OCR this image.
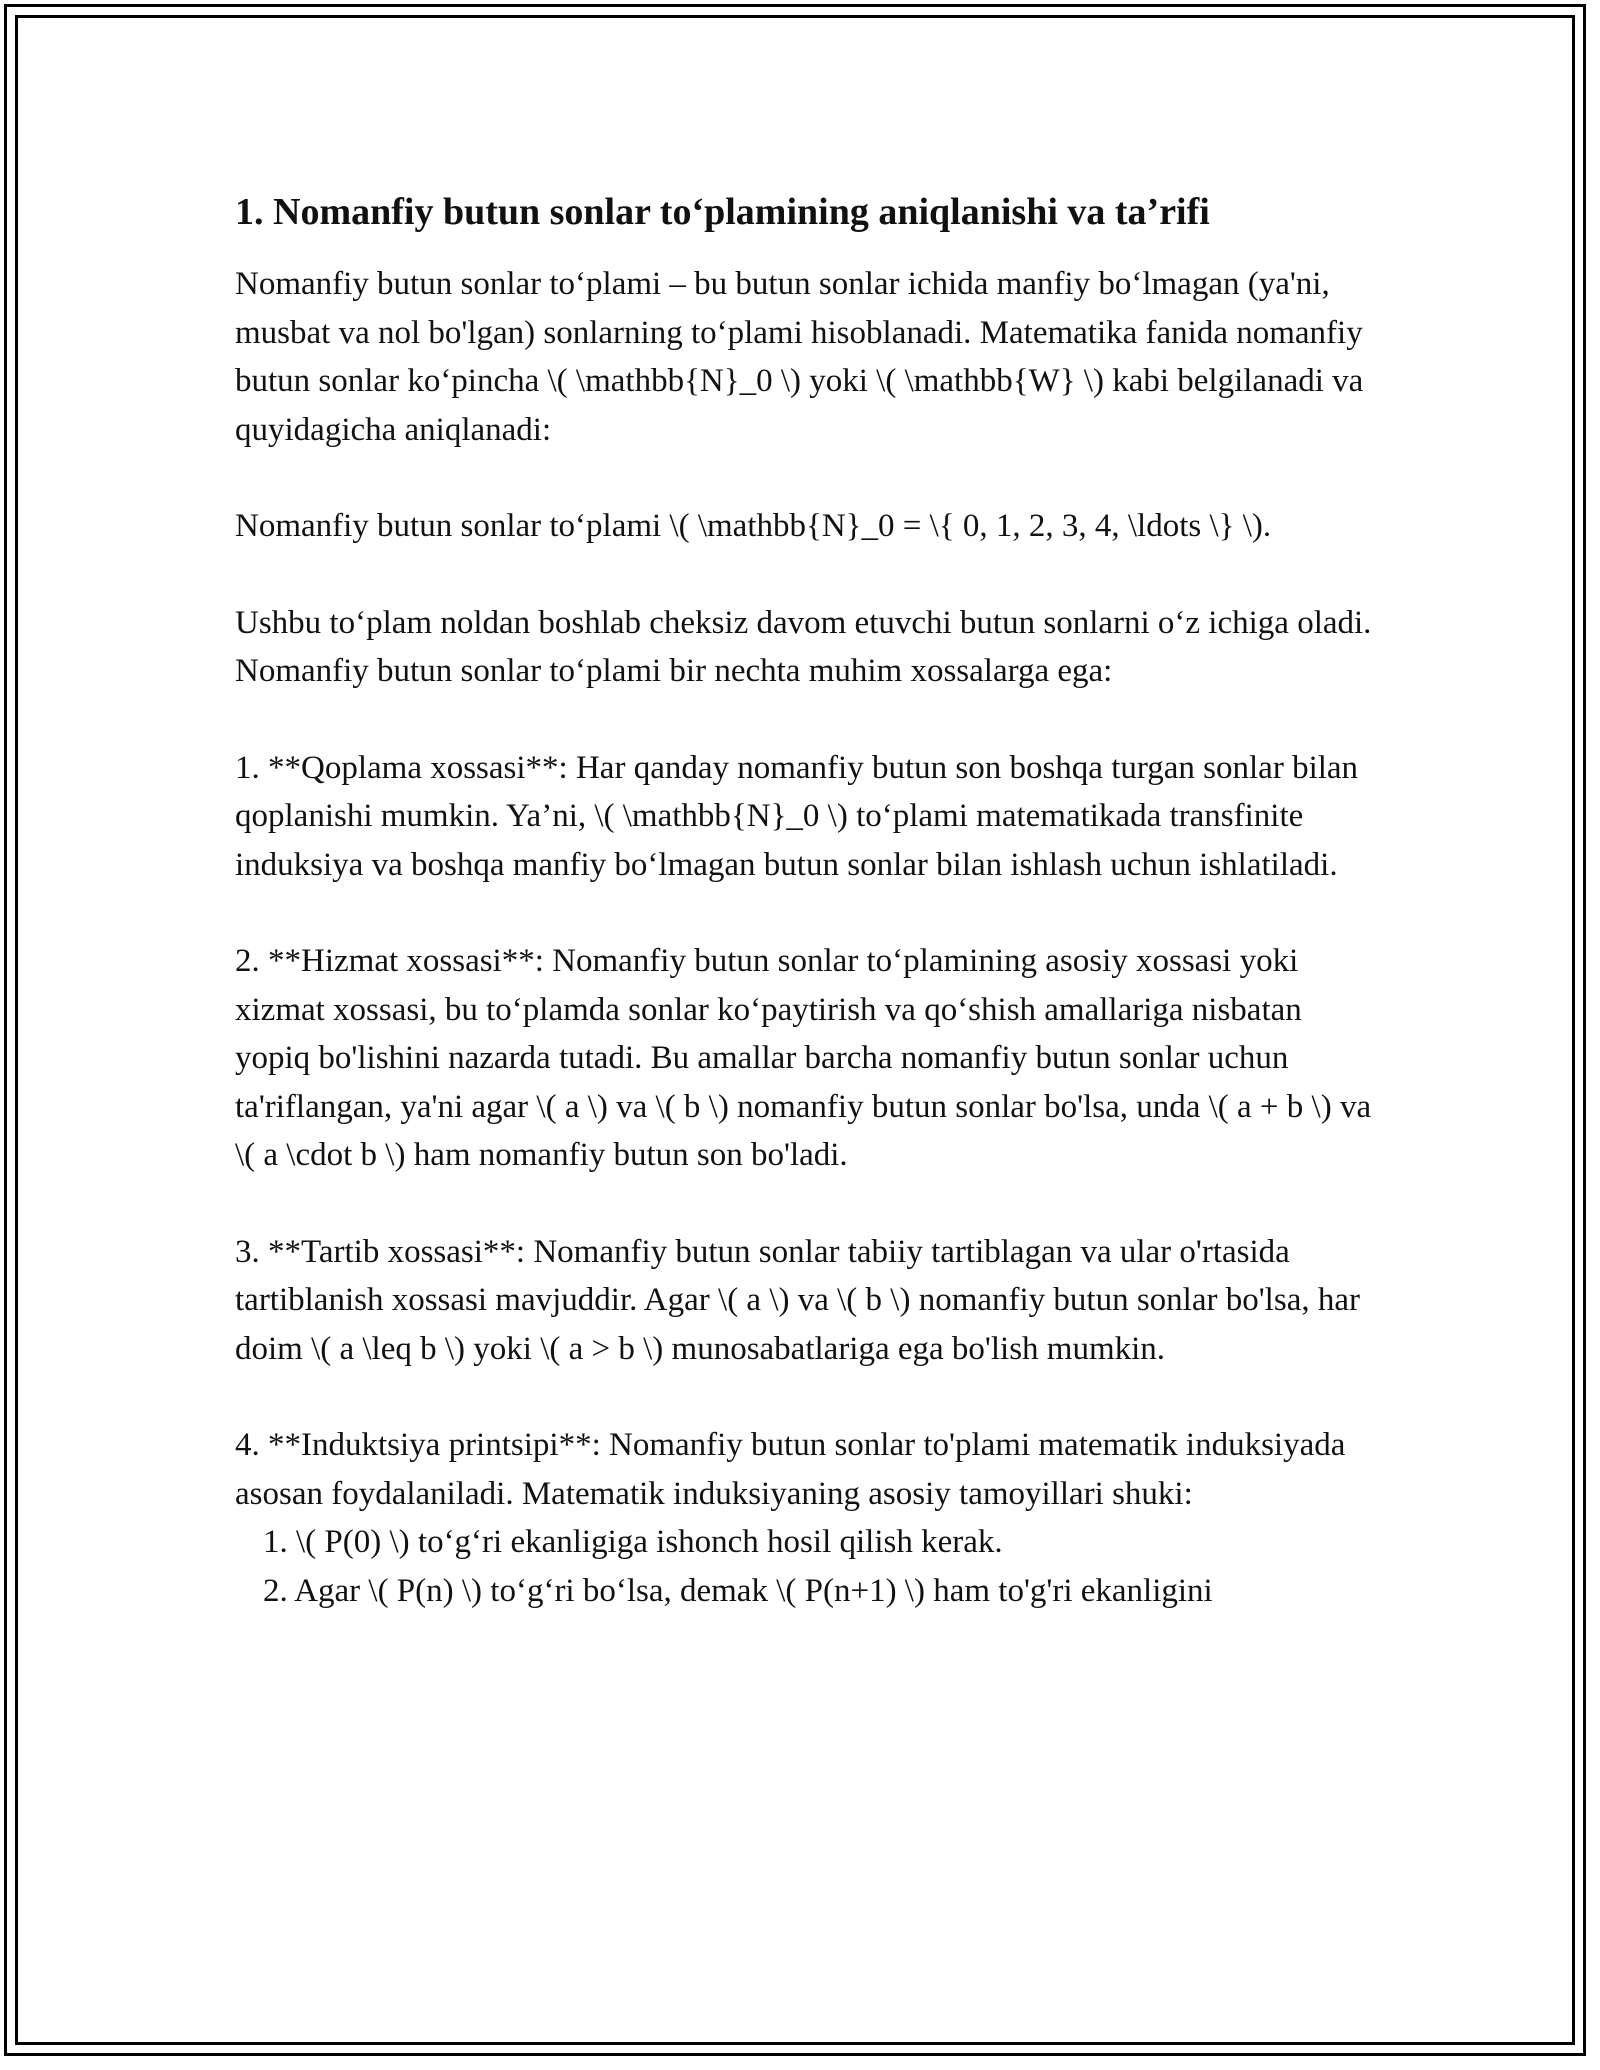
1. Nomanfiy butun sonlar to‘plamining aniqlanishi va ta’rifi

Nomanfiy butun sonlar to‘plami – bu butun sonlar ichida manfiy bo‘lmagan (ya'ni, musbat va nol bo'lgan) sonlarning to‘plami hisoblanadi. Matematika fanida nomanfiy butun sonlar ko‘pincha \( \mathbb{N}_0 \) yoki \( \mathbb{W} \) kabi belgilanadi va quyidagicha aniqlanadi:

Nomanfiy butun sonlar to‘plami \( \mathbb{N}_0 = \{ 0, 1, 2, 3, 4, \ldots \} \).

Ushbu to‘plam noldan boshlab cheksiz davom etuvchi butun sonlarni o‘z ichiga oladi. Nomanfiy butun sonlar to‘plami bir nechta muhim xossalarga ega:

1. **Qoplama xossasi**: Har qanday nomanfiy butun son boshqa turgan sonlar bilan qoplanishi mumkin. Ya’ni, \( \mathbb{N}_0 \) to‘plami matematikada transfinite induksiya va boshqa manfiy bo‘lmagan butun sonlar bilan ishlash uchun ishlatiladi.

2. **Hizmat xossasi**: Nomanfiy butun sonlar to‘plamining asosiy xossasi yoki xizmat xossasi, bu to‘plamda sonlar ko‘paytirish va qo‘shish amallariga nisbatan yopiq bo'lishini nazarda tutadi. Bu amallar barcha nomanfiy butun sonlar uchun ta'riflangan, ya'ni agar \( a \) va \( b \) nomanfiy butun sonlar bo'lsa, unda \( a + b \) va \( a \cdot b \) ham nomanfiy butun son bo'ladi.

3. **Tartib xossasi**: Nomanfiy butun sonlar tabiiy tartiblagan va ular o'rtasida tartiblanish xossasi mavjuddir. Agar \( a \) va \( b \) nomanfiy butun sonlar bo'lsa, har doim \( a \leq b \) yoki \( a > b \) munosabatlariga ega bo'lish mumkin.

4. **Induktsiya printsipi**: Nomanfiy butun sonlar to'plami matematik induksiyada asosan foydalaniladi. Matematik induksiyaning asosiy tamoyillari shuki:

1. \( P(0) \) to‘g‘ri ekanligiga ishonch hosil qilish kerak.

2. Agar \( P(n) \) to‘g‘ri bo‘lsa, demak \( P(n+1) \) ham to'g'ri ekanligini
